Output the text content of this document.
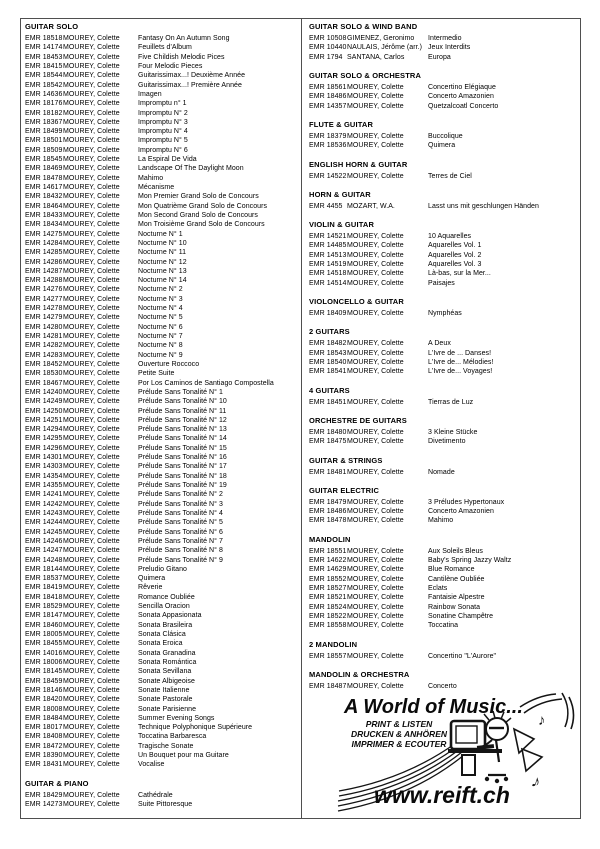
GUITAR SOLO
EMR 18518 MOUREY, Colette	Fantasy On An Autumn Song
EMR 14174 MOUREY, Colette	Feuillets d'Album
EMR 18453 MOUREY, Colette	Five Childish Melodic Pices
EMR 18415 MOUREY, Colette	Four Melodic Pieces
EMR 18544 MOUREY, Colette	Guitarissimax...! Deuxième Année
EMR 18542 MOUREY, Colette	Guitarissimax...! Première Année
EMR 14636 MOUREY, Colette	Imagen
EMR 18176 MOUREY, Colette	Impromptu n° 1
EMR 18182 MOUREY, Colette	Impromptu N° 2
EMR 18367 MOUREY, Colette	Impromptu N° 3
EMR 18499 MOUREY, Colette	Impromptu N° 4
EMR 18501 MOUREY, Colette	Impromptu N° 5
EMR 18509 MOUREY, Colette	Impromptu N° 6
EMR 18545 MOUREY, Colette	La Espiral De Vida
EMR 18469 MOUREY, Colette	Landscape Of The Daylight Moon
EMR 18478 MOUREY, Colette	Mahimo
EMR 14617 MOUREY, Colette	Mécanisme
EMR 18432 MOUREY, Colette	Mon Premier Grand Solo de Concours
EMR 18464 MOUREY, Colette	Mon Quatrième Grand Solo de Concours
EMR 18433 MOUREY, Colette	Mon Second Grand Solo de Concours
EMR 18434 MOUREY, Colette	Mon Troisième Grand Solo de Concours
EMR 14275 MOUREY, Colette	Nocturne N° 1
EMR 14284 MOUREY, Colette	Nocturne N° 10
EMR 14285 MOUREY, Colette	Nocturne N° 11
EMR 14286 MOUREY, Colette	Nocturne N° 12
EMR 14287 MOUREY, Colette	Nocturne N° 13
EMR 14288 MOUREY, Colette	Nocturne N° 14
EMR 14276 MOUREY, Colette	Nocturne N° 2
EMR 14277 MOUREY, Colette	Nocturne N° 3
EMR 14278 MOUREY, Colette	Nocturne N° 4
EMR 14279 MOUREY, Colette	Nocturne N° 5
EMR 14280 MOUREY, Colette	Nocturne N° 6
EMR 14281 MOUREY, Colette	Nocturne N° 7
EMR 14282 MOUREY, Colette	Nocturne N° 8
EMR 14283 MOUREY, Colette	Nocturne N° 9
EMR 18452 MOUREY, Colette	Ouverture Roccoco
EMR 18530 MOUREY, Colette	Petite Suite
EMR 18467 MOUREY, Colette	Por Los Caminos de Santiago Compostella
EMR 14240 MOUREY, Colette	Prélude Sans Tonalité N° 1
EMR 14249 MOUREY, Colette	Prélude Sans Tonalité N° 10
EMR 14250 MOUREY, Colette	Prélude Sans Tonalité N° 11
EMR 14251 MOUREY, Colette	Prélude Sans Tonalité N° 12
EMR 14294 MOUREY, Colette	Prélude Sans Tonalité N° 13
EMR 14295 MOUREY, Colette	Prélude Sans Tonalité N° 14
EMR 14296 MOUREY, Colette	Prélude Sans Tonalité N° 15
EMR 14301 MOUREY, Colette	Prélude Sans Tonalité N° 16
EMR 14303 MOUREY, Colette	Prélude Sans Tonalité N° 17
EMR 14354 MOUREY, Colette	Prélude Sans Tonalité N° 18
EMR 14355 MOUREY, Colette	Prélude Sans Tonalité N° 19
EMR 14241 MOUREY, Colette	Prélude Sans Tonalité N° 2
EMR 14242 MOUREY, Colette	Prélude Sans Tonalité N° 3
EMR 14243 MOUREY, Colette	Prélude Sans Tonalité N° 4
EMR 14244 MOUREY, Colette	Prélude Sans Tonalité N° 5
EMR 14245 MOUREY, Colette	Prélude Sans Tonalité N° 6
EMR 14246 MOUREY, Colette	Prélude Sans Tonalité N° 7
EMR 14247 MOUREY, Colette	Prélude Sans Tonalité N° 8
EMR 14248 MOUREY, Colette	Prélude Sans Tonalité N° 9
EMR 18144 MOUREY, Colette	Preludio Gitano
EMR 18537 MOUREY, Colette	Quimera
EMR 18419 MOUREY, Colette	Rêverie
EMR 18418 MOUREY, Colette	Romance Oubliée
EMR 18529 MOUREY, Colette	Sencilla Oracion
EMR 18147 MOUREY, Colette	Sonata Appasionata
EMR 18460 MOUREY, Colette	Sonata Brasileira
EMR 18005 MOUREY, Colette	Sonata Clásica
EMR 18455 MOUREY, Colette	Sonata Eroica
EMR 14016 MOUREY, Colette	Sonata Granadina
EMR 18006 MOUREY, Colette	Sonata Romántica
EMR 18145 MOUREY, Colette	Sonata Sevillana
EMR 18459 MOUREY, Colette	Sonate Albigeoise
EMR 18146 MOUREY, Colette	Sonate Italienne
EMR 18420 MOUREY, Colette	Sonate Pastorale
EMR 18008 MOUREY, Colette	Sonate Parisienne
EMR 18484 MOUREY, Colette	Summer Evening Songs
EMR 18017 MOUREY, Colette	Technique Polyphonique Supérieure
EMR 18408 MOUREY, Colette	Toccatina Barbaresca
EMR 18472 MOUREY, Colette	Tragische Sonate
EMR 18390 MOUREY, Colette	Un Bouquet pour ma Guitare
EMR 18431 MOUREY, Colette	Vocalise
GUITAR & PIANO
EMR 18429 MOUREY, Colette	Cathédrale
EMR 14273 MOUREY, Colette	Suite Pittoresque
GUITAR SOLO & WIND BAND
EMR 10508 GIMENEZ, Geronimo	Intermedio
EMR 10440 NAULAIS, Jérôme (arr.) Jeux Interdits
EMR 1794 SANTANA, Carlos	Europa
GUITAR SOLO & ORCHESTRA
EMR 18561 MOUREY, Colette	Concertino Elégiaque
EMR 18486 MOUREY, Colette	Concerto Amazonien
EMR 14357 MOUREY, Colette	Quetzalcoatl Concerto
FLUTE & GUITAR
EMR 18379 MOUREY, Colette	Buccolique
EMR 18536 MOUREY, Colette	Quimera
ENGLISH HORN & GUITAR
EMR 14522 MOUREY, Colette	Terres de Ciel
HORN & GUITAR
EMR 4455 MOZART, W.A.	Lasst uns mit geschlungen Händen
VIOLIN & GUITAR
EMR 14521 MOUREY, Colette	10 Aquarelles
EMR 14485 MOUREY, Colette	Aquarelles Vol. 1
EMR 14513 MOUREY, Colette	Aquarelles Vol. 2
EMR 14519 MOUREY, Colette	Aquarelles Vol. 3
EMR 14518 MOUREY, Colette	Là-bas, sur la Mer...
EMR 14514 MOUREY, Colette	Paisajes
VIOLONCELLO & GUITAR
EMR 18409 MOUREY, Colette	Nymphéas
2 GUITARS
EMR 18482 MOUREY, Colette	A Deux
EMR 18543 MOUREY, Colette	L'Ivre de ... Danses!
EMR 18540 MOUREY, Colette	L'Ivre de... Mélodies!
EMR 18541 MOUREY, Colette	L'Ivre de... Voyages!
4 GUITARS
EMR 18451 MOUREY, Colette	Tierras de Luz
ORCHESTRE DE GUITARS
EMR 18480 MOUREY, Colette	3 Kleine Stücke
EMR 18475 MOUREY, Colette	Divetimento
GUITAR & STRINGS
EMR 18481 MOUREY, Colette	Nomade
GUITAR ELECTRIC
EMR 18479 MOUREY, Colette	3 Préludes Hypertonaux
EMR 18486 MOUREY, Colette	Concerto Amazonien
EMR 18478 MOUREY, Colette	Mahimo
MANDOLIN
EMR 18551 MOUREY, Colette	Aux Soleils Bleus
EMR 14622 MOUREY, Colette	Baby's Spring Jazzy Waltz
EMR 14629 MOUREY, Colette	Blue Romance
EMR 18552 MOUREY, Colette	Cantilène Oubliée
EMR 18527 MOUREY, Colette	Eclats
EMR 18521 MOUREY, Colette	Fantaisie Alpestre
EMR 18524 MOUREY, Colette	Rainbow Sonata
EMR 18522 MOUREY, Colette	Sonatine Champêtre
EMR 18558 MOUREY, Colette	Toccatina
2 MANDOLIN
EMR 18557 MOUREY, Colette	Concertino "L'Aurore"
MANDOLIN & ORCHESTRA
EMR 18487 MOUREY, Colette	Concerto
♪
♪
A World of Music...
PRINT & LISTEN
DRUCKEN & ANHÖREN
IMPRIMER & ECOUTER
www.reift.ch
